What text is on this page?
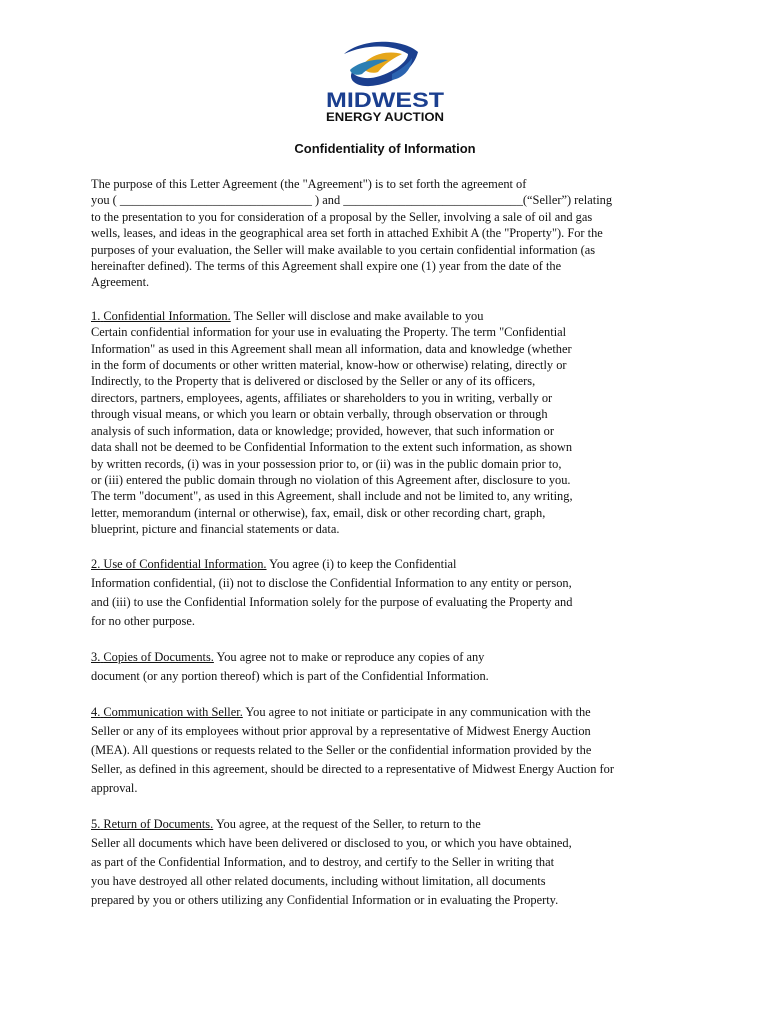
MIDWEST
ENERGY AUCTION
Confidentiality of Information
The purpose of this Letter Agreement (the "Agreement") is to set forth the agreement of
you ( _______________________________ ) and _____________________________(“Seller”) relating
to the presentation to you for consideration of a proposal by the Seller, involving a sale of oil and gas
wells, leases, and ideas in the geographical area set forth in attached Exhibit A (the "Property"). For the
purposes of your evaluation, the Seller will make available to you certain confidential information (as
hereinafter defined). The terms of this Agreement shall expire one (1) year from the date of the
Agreement.
1. Confidential Information. The Seller will disclose and make available to you
Certain confidential information for your use in evaluating the Property. The term "Confidential
Information" as used in this Agreement shall mean all information, data and knowledge (whether
in the form of documents or other written material, know-how or otherwise) relating, directly or
Indirectly, to the Property that is delivered or disclosed by the Seller or any of its officers,
directors, partners, employees, agents, affiliates or shareholders to you in writing, verbally or
through visual means, or which you learn or obtain verbally, through observation or through
analysis of such information, data or knowledge; provided, however, that such information or
data shall not be deemed to be Confidential Information to the extent such information, as shown
by written records, (i) was in your possession prior to, or (ii) was in the public domain prior to,
or (iii) entered the public domain through no violation of this Agreement after, disclosure to you.
The term "document", as used in this Agreement, shall include and not be limited to, any writing,
letter, memorandum (internal or otherwise), fax, email, disk or other recording chart, graph,
blueprint, picture and financial statements or data.
2. Use of Confidential Information. You agree (i) to keep the Confidential
Information confidential, (ii) not to disclose the Confidential Information to any entity or person,
and (iii) to use the Confidential Information solely for the purpose of evaluating the Property and
for no other purpose.
3. Copies of Documents. You agree not to make or reproduce any copies of any
document (or any portion thereof) which is part of the Confidential Information.
4. Communication with Seller. You agree to not initiate or participate in any communication with the
Seller or any of its employees without prior approval by a representative of Midwest Energy Auction
(MEA). All questions or requests related to the Seller or the confidential information provided by the
Seller, as defined in this agreement, should be directed to a representative of Midwest Energy Auction for
approval.
5. Return of Documents. You agree, at the request of the Seller, to return to the
Seller all documents which have been delivered or disclosed to you, or which you have obtained,
as part of the Confidential Information, and to destroy, and certify to the Seller in writing that
you have destroyed all other related documents, including without limitation, all documents
prepared by you or others utilizing any Confidential Information or in evaluating the Property.
